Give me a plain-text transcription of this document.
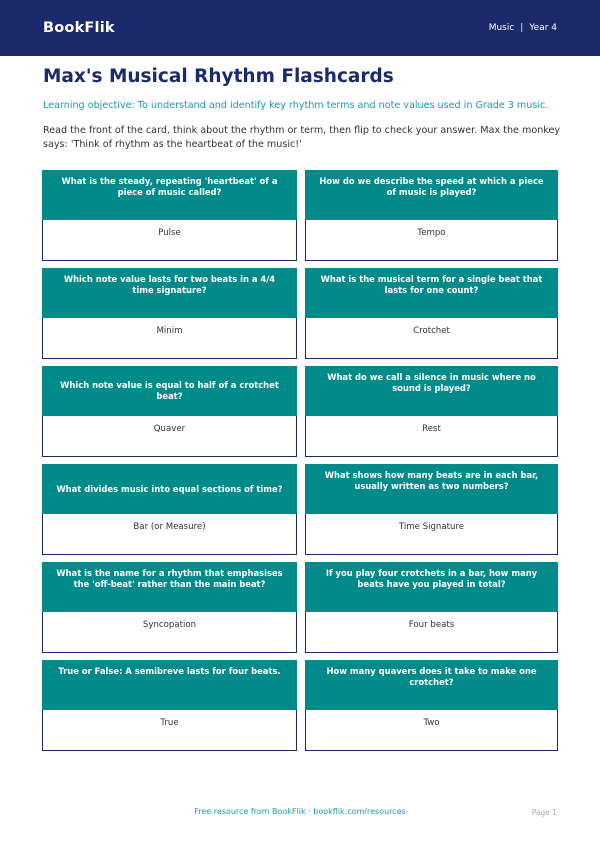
BookFlik	Music | Year 4
Max's Musical Rhythm Flashcards

Learning objective: To understand and identify key rhythm terms and note values used in Grade 3 music.

Read the front of the card, think about the rhythm or term, then flip to check your answer. Max the monkey says: 'Think of rhythm as the heartbeat of the music!'

What is the steady, repeating 'heartbeat' of a piece of music called?
Pulse
How do we describe the speed at which a piece of music is played?
Tempo
Which note value lasts for two beats in a 4/4 time signature?
Minim
What is the musical term for a single beat that lasts for one count?
Crotchet
Which note value is equal to half of a crotchet beat?
Quaver
What do we call a silence in music where no sound is played?
Rest
What divides music into equal sections of time?
Bar (or Measure)
What shows how many beats are in each bar, usually written as two numbers?
Time Signature
What is the name for a rhythm that emphasises the 'off-beat' rather than the main beat?
Syncopation
If you play four crotchets in a bar, how many beats have you played in total?
Four beats
True or False: A semibreve lasts for four beats.
True
How many quavers does it take to make one crotchet?
Two
Free resource from BookFlik · bookflik.com/resources	Page 1
